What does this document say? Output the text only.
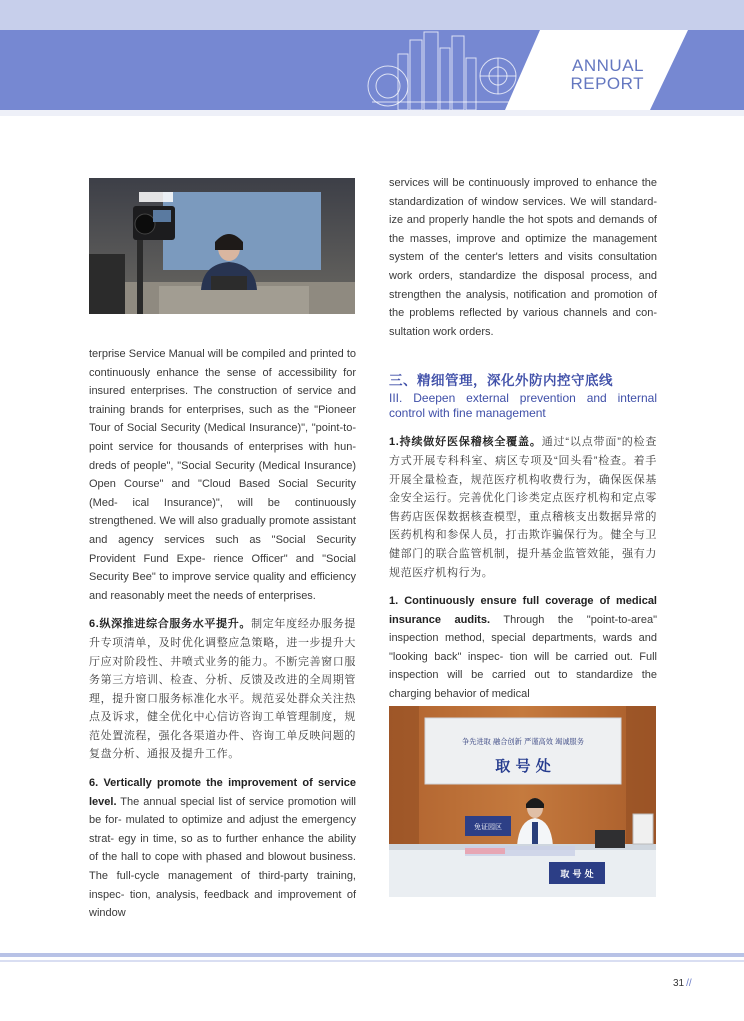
ANNUAL
REPORT

terprise Service Manual will be compiled and printed to continuously enhance the sense of accessibility for insured enterprises. The construction of service and training brands for enterprises, such as the "Pioneer Tour of Social Security (Medical Insurance)", "point-to-point service for thousands of enterprises with hun- dreds of people", "Social Security (Medical Insurance) Open Course" and "Cloud Based Social Security (Med- ical Insurance)", will be continuously strengthened. We will also gradually promote assistant and agency services such as "Social Security Provident Fund Expe- rience Officer" and "Social Security Bee" to improve service quality and efficiency and reasonably meet the needs of enterprises.

6.纵深推进综合服务水平提升。制定年度经办服务提升专项清单，及时优化调整应急策略，进一步提升大厅应对阶段性、井喷式业务的能力。不断完善窗口服务第三方培训、检查、分析、反馈及改进的全周期管理，提升窗口服务标准化水平。规范妥处群众关注热点及诉求，健全优化中心信访咨询工单管理制度，规范处置流程，强化各渠道办件、咨询工单反映问题的复盘分析、通报及提升工作。

6. Vertically promote the improvement of service level. The annual special list of service promotion will be for- mulated to optimize and adjust the emergency strat- egy in time, so as to further enhance the ability of the hall to cope with phased and blowout business. The full-cycle management of third-party training, inspec- tion, analysis, feedback and improvement of window

services will be continuously improved to enhance the standardization of window services. We will standard- ize and properly handle the hot spots and demands of the masses, improve and optimize the management system of the center's letters and visits consultation work orders, standardize the disposal process, and strengthen the analysis, notification and promotion of the problems reflected by various channels and con- sultation work orders.

三、精细管理，深化外防内控守底线

III. Deepen external prevention and internal control with fine management

1.持续做好医保稽核全覆盖。通过“以点带面”的检查方式开展专科科室、病区专项及“回头看”检查。着手开展全量检查，规范医疗机构收费行为，确保医保基金安全运行。完善优化门诊类定点医疗机构和定点零售药店医保数据核查模型，重点稽核支出数据异常的医药机构和参保人员，打击欺诈骗保行为。健全与卫健部门的联合监管机制，提升基金监管效能，强有力规范医疗机构行为。

1. Continuously ensure full coverage of medical insurance audits. Through the "point-to-area" inspection method, special departments, wards and "looking back" inspec- tion will be carried out. Full inspection will be carried out to standardize the charging behavior of medical

争先进取 融合创新 严谨高效 竭诚服务
取 号 处
免证园区
取 号 处
31 //
